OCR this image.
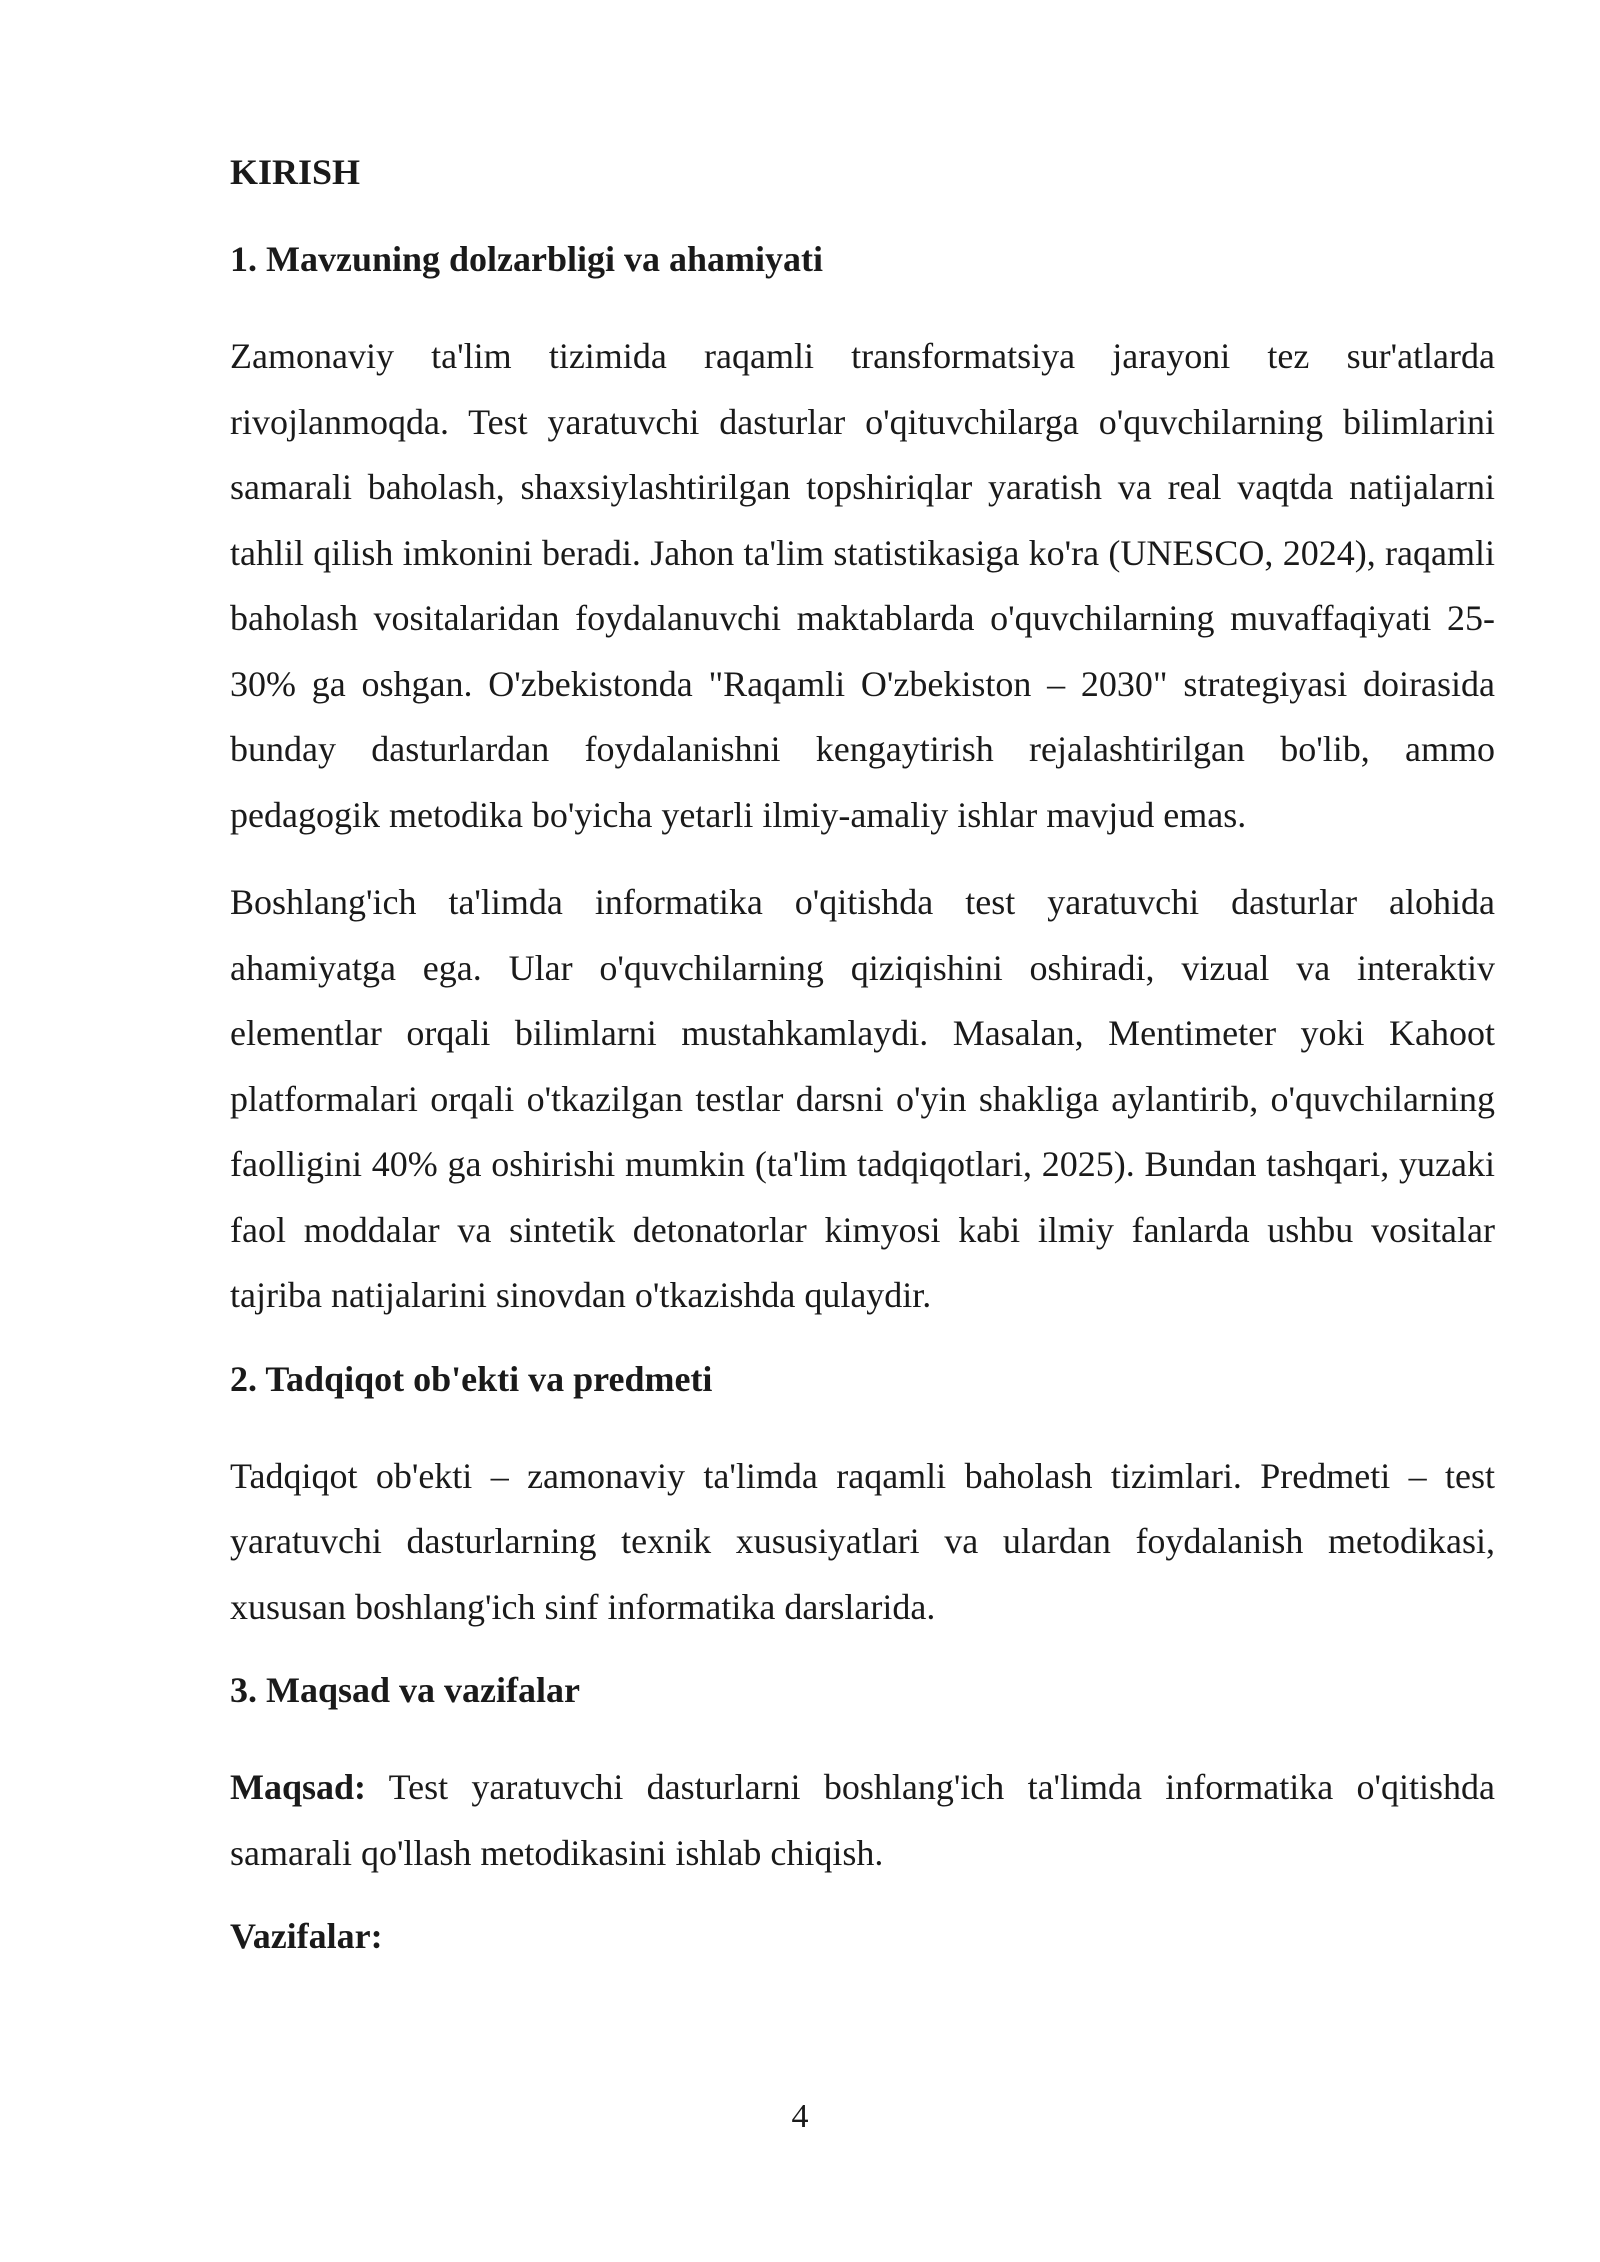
KIRISH
1. Mavzuning dolzarbligi va ahamiyati

Zamonaviy ta'lim tizimida raqamli transformatsiya jarayoni tez sur'atlarda rivojlanmoqda. Test yaratuvchi dasturlar o'qituvchilarga o'quvchilarning bilimlarini samarali baholash, shaxsiylashtirilgan topshiriqlar yaratish va real vaqtda natijalarni tahlil qilish imkonini beradi. Jahon ta'lim statistikasiga ko'ra (UNESCO, 2024), raqamli baholash vositalaridan foydalanuvchi maktablarda o'quvchilarning muvaffaqiyati 25-30% ga oshgan. O'zbekistonda "Raqamli O'zbekiston – 2030" strategiyasi doirasida bunday dasturlardan foydalanishni kengaytirish rejalashtirilgan bo'lib, ammo pedagogik metodika bo'yicha yetarli ilmiy-amaliy ishlar mavjud emas.

Boshlang'ich ta'limda informatika o'qitishda test yaratuvchi dasturlar alohida ahamiyatga ega. Ular o'quvchilarning qiziqishini oshiradi, vizual va interaktiv elementlar orqali bilimlarni mustahkamlaydi. Masalan, Mentimeter yoki Kahoot platformalari orqali o'tkazilgan testlar darsni o'yin shakliga aylantirib, o'quvchilarning faolligini 40% ga oshirishi mumkin (ta'lim tadqiqotlari, 2025). Bundan tashqari, yuzaki faol moddalar va sintetik detonatorlar kimyosi kabi ilmiy fanlarda ushbu vositalar tajriba natijalarini sinovdan o'tkazishda qulaydir.

2. Tadqiqot ob'ekti va predmeti

Tadqiqot ob'ekti – zamonaviy ta'limda raqamli baholash tizimlari. Predmeti – test yaratuvchi dasturlarning texnik xususiyatlari va ulardan foydalanish metodikasi, xususan boshlang'ich sinf informatika darslarida.

3. Maqsad va vazifalar

Maqsad: Test yaratuvchi dasturlarni boshlang'ich ta'limda informatika o'qitishda samarali qo'llash metodikasini ishlab chiqish.

Vazifalar:
4
